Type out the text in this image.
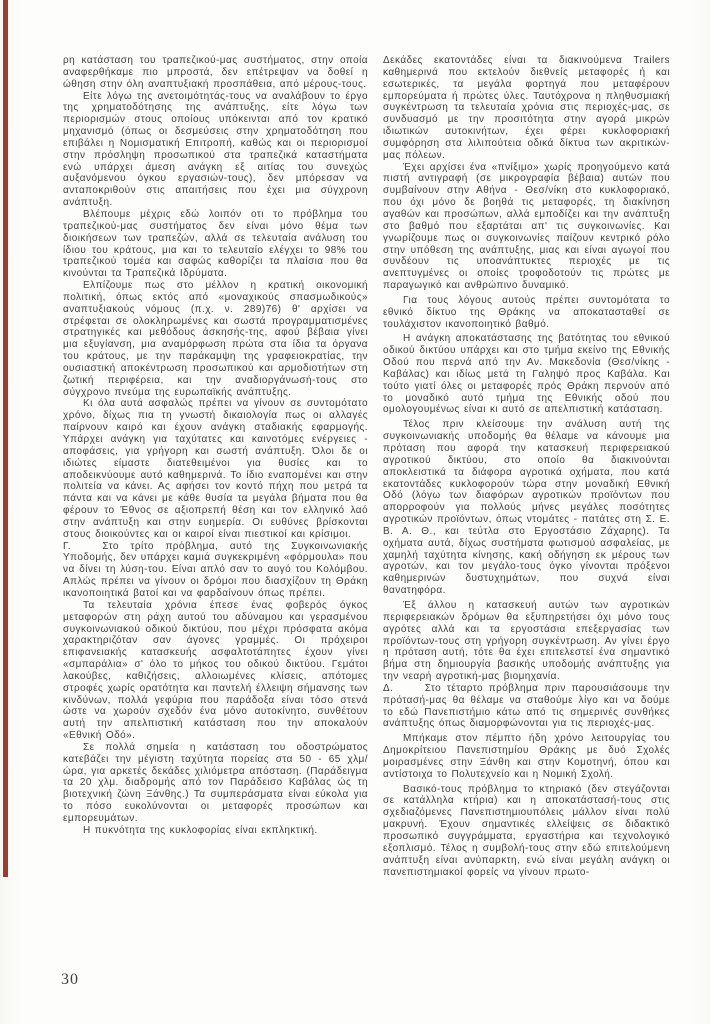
ρη κατάσταση του τραπεζικού-μας συστήματος, στην οποία αναφερθήκαμε πιο μπροστά, δεν επέτρεψαν να δοθεί η ώθηση στην όλη αναπτυξιακή προσπάθεια, από μέρους-τους.

Είτε λόγω της ανετοιμότητάς-τους να αναλάβουν το έργο της χρηματοδότησης της ανάπτυξης, είτε λόγω των περιορισμών στους οποίους υπόκεινται από τον κρατικό μηχανισμό (όπως οι δεσμεύσεις στην χρηματοδότηση που επιβάλει η Νομισματική Επιτροπή, καθώς και οι περιορισμοί στην πρόσληψη προσωπικού στα τραπεζικά καταστήματα ενώ υπάρχει άμεση ανάγκη εξ αιτίας του συνεχώς αυξανόμενου όγκου εργασιών-τους), δεν μπόρεσαν να ανταποκριθούν στις απαιτήσεις που έχει μια σύγχρονη ανάπτυξη.

Βλέπουμε μέχρις εδώ λοιπόν οτι το πρόβλημα του τραπεζικού-μας συστήματος δεν είναι μόνο θέμα των διοικήσεων των τραπεζών, αλλά σε τελευταία ανάλυση του ίδιου του κράτους, μια και το τελευταίο ελέγχει το 98% του τραπεζικού τομέα και σαφώς καθορίζει τα πλαίσια που θα κινούνται τα Τραπεζικά Ιδρύματα.

Ελπίζουμε πως στο μέλλον η κρατική οικονομική πολιτική, όπως εκτός από «μοναχικούς σπασμωδικούς» αναπτυξιακούς νόμους (π.χ. ν. 289)76) θ' αρχίσει να στρέφεται σε ολοκληρωμένες και σωστά προγραμματισμένες στρατηγικές και μεθόδους άσκησής-της, αφού βέβαια γίνει μια εξυγίανση, μια αναμόρφωση πρώτα στα ίδια τα όργανα του κράτους, με την παράκαμψη της γραφειοκρατίας, την ουσιαστική αποκέντρωση προσωπικού και αρμοδιοτήτων στη ζωτική περιφέρεια, και την αναδιοργάνωσή-τους στο σύγχρονο πνεύμα της ευρωπαϊκής ανάπτυξης.

Κι όλα αυτά ασφαλώς πρέπει να γίνουν σε συντομότατο χρόνο, δίχως πια τη γνωστή δικαιολογία πως οι αλλαγές παίρνουν καιρό και έχουν ανάγκη σταδιακής εφαρμογής. Υπάρχει ανάγκη για ταχύτατες και καινοτόμες ενέργειες - αποφάσεις, για γρήγορη και σωστή ανάπτυξη. Όλοι δε οι ιδιώτες είμαστε διατεθειμένοι για θυσίες και το αποδεικνύουμε αυτό καθημερινά. Το ίδιο εναπομένει και στην πολιτεία να κάνει. Ας αφήσει τον κοντό πήχη που μετρά τα πάντα και να κάνει με κάθε θυσία τα μεγάλα βήματα που θα φέρουν το Έθνος σε αξιοπρεπή θέση και τον ελληνικό λαό στην ανάπτυξη και στην ευημερία. Οι ευθύνες βρίσκονται στους διοικούντες και οι καιροί είναι πιεστικοί και κρίσιμοι.

Γ.   Στο τρίτο πρόβλημα, αυτό της Συγκοινωνιακής Υποδομής, δεν υπάρχει καμιά συγκεκριμένη «φόρμουλα» που να δίνει τη λύση-του. Είναι απλό σαν το αυγό του Κολόμβου. Απλώς πρέπει να γίνουν οι δρόμοι που διασχίζουν τη Θράκη ικανοποιητικά βατοί και να φαρδαίνουν όπως πρέπει.

Τα τελευταία χρόνια έπεσε ένας φοβερός όγκος μεταφορών στη ράχη αυτού του αδύναμου και γερασμένου συγκοινωνιακού οδικού δικτύου, που μέχρι πρόσφατα ακόμα χαρακτηριζόταν σαν άγονες γραμμές. Οι πρόχειροι επιφανειακής κατασκευής ασφαλτοτάπητες έχουν γίνει «σμπαράλια» σ' όλο το μήκος του οδικού δικτύου. Γεμάτοι λακούβες, καθιζήσεις, αλλοιωμένες κλίσεις, απότομες στροφές χωρίς ορατότητα και παντελή έλλειψη σήμανσης των κινδύνων, πολλά γεφύρια που παράδοξα είναι τόσο στενά ώστε να χωρούν σχεδόν ένα μόνο αυτοκίνητο, συνθέτουν αυτή την απελπιστική κατάσταση που την αποκαλούν «Εθνική Οδό».

Σε πολλά σημεία η κατάσταση του οδοστρώματος κατεβάζει την μέγιστη ταχύτητα πορείας στα 50 - 65 χλμ/ώρα, για αρκετές δεκάδες χιλιόμετρα απόσταση. (Παράδειγμα τα 20 χλμ. διαδρομής από τον Παράδεισο Καβάλας ώς τη βιοτεχνική ζώνη Ξάνθης.) Τα συμπεράσματα είναι εύκολα για το πόσο ευκολύνονται οι μεταφορές προσώπων και εμπορευμάτων.

Η πυκνότητα της κυκλοφορίας είναι εκπληκτική.

Δεκάδες εκατοντάδες είναι τα διακινούμενα Trailers καθημερινά που εκτελούν διεθνείς μεταφορές ή και εσωτερικές, τα μεγάλα φορτηγά που μεταφέρουν εμπορεύματα ή πρώτες ύλες. Ταυτόχρονα η πληθυσμιακή συγκέντρωση τα τελευταία χρόνια στις περιοχές-μας, σε συνδυασμό με την προσιτότητα στην αγορά μικρών ιδιωτικών αυτοκινήτων, έχει φέρει κυκλοφοριακή συμφόρηση στα λιλιπούτεια οδικά δίκτυα των ακριτικών-μας πόλεων.

Έχει αρχίσει ένα «πνίξιμο» χωρίς προηγούμενο κατά πιστή αντιγραφή (σε μικρογραφία βέβαια) αυτών που συμβαίνουν στην Αθήνα - Θεσ/νίκη στο κυκλοφοριακό, που όχι μόνο δε βοηθά τις μεταφορές, τη διακίνηση αγαθών και προσώπων, αλλά εμποδίζει και την ανάπτυξη στο βαθμό που εξαρτάται απ' τις συγκοινωνίες. Και γνωρίζουμε πως οι συγκοινωνίες παίζουν κεντρικό ρόλο στην υπόθεση της ανάπτυξης, μιας και είναι αγωγοί που συνδέουν τις υποανάπτυκτες περιοχές με τις ανεπτυγμένες οι οποίες τροφοδοτούν τις πρώτες με παραγωγικό και ανθρώπινο δυναμικό.

Για τους λόγους αυτούς πρέπει συντομότατα το εθνικό δίκτυο της Θράκης να αποκατασταθεί σε τουλάχιστον ικανοποιητικό βαθμό.

Η ανάγκη αποκατάστασης της βατότητας του εθνικού οδικού δικτύου υπάρχει και στο τμήμα εκείνο της Εθνικής Οδού που περνά από την Αν. Μακεδονία (Θεσ/νίκης - Καβάλας) και ιδίως μετά τη Γαληψό προς Καβάλα. Και τούτο γιατί όλες οι μεταφορές πρός Θράκη περνούν από το μοναδικό αυτό τμήμα της Εθνικής οδού που ομολογουμένως είναι κι αυτό σε απελπιστική κατάσταση.

Τέλος πριν κλείσουμε την ανάλυση αυτή της συγκοινωνιακής υποδομής θα θέλαμε να κάνουμε μια πρόταση που αφορά την κατασκευή περιφερειακού αγροτικού δικτύου, στο οποίο θα διακινούνται αποκλειστικά τα διάφορα αγροτικά οχήματα, που κατά εκατοντάδες κυκλοφορούν τώρα στην μοναδική Εθνική Οδό (λόγω των διαφόρων αγροτικών προϊόντων που απορροφούν για πολλούς μήνες μεγάλες ποσότητες αγροτικών προϊόντων, όπως ντομάτες - πατάτες στη Σ. Ε. Β. Α. Θ., και τεύτλα στο Εργοστάσιο Ζάχαρης). Τα οχήματα αυτά, δίχως συστήματα φωτισμού ασφαλείας, με χαμηλή ταχύτητα κίνησης, κακή οδήγηση εκ μέρους των αγροτών, και τον μεγάλο-τους όγκο γίνονται πρόξενοι καθημερινών δυστυχημάτων, που συχνά είναι θανατηφόρα.

Έξ άλλου η κατασκευή αυτών των αγροτικών περιφερειακών δρόμων θα εξυπηρετήσει όχι μόνο τους αγρότες αλλά και τα εργοστάσια επεξεργασίας των προϊόντων-τους στη γρήγορη συγκέντρωση. Αν γίνει έργο η πρόταση αυτή, τότε θα έχει επιτελεστεί ένα σημαντικό βήμα στη δημιουργία βασικής υποδομής ανάπτυξης για την νεαρή αγροτική-μας βιομηχανία.

Δ.   Στο τέταρτο πρόβλημα πριν παρουσιάσουμε την πρότασή-μας θα θέλαμε να σταθούμε λίγο και να δούμε το εδώ Πανεπιστήμιο κάτω από τις σημερινές συνθήκες ανάπτυξης όπως διαμορφώνονται για τις περιοχές-μας.

Μπήκαμε στον πέμπτο ήδη χρόνο λειτουργίας του Δημοκρίτειου Πανεπιστημίου Θράκης με δυό Σχολές μοιρασμένες στην Ξάνθη και στην Κομοτηνή, όπου και αντίστοιχα το Πολυτεχνείο και η Νομική Σχολή.

Βασικό-τους πρόβλημα το κτηριακό (δεν στεγάζονται σε κατάλληλα κτήρια) και η αποκατάστασή-τους στις σχεδιαζόμενες Πανεπιστημιουπόλεις μάλλον είναι πολύ μακρυνή. Έχουν σημαντικές ελλείψεις σε διδακτικό προσωπικό συγγράμματα, εργαστήρια και τεχνολογικό εξοπλισμό. Τέλος η συμβολή-τους στην εδώ επιτελούμενη ανάπτυξη είναι ανύπαρκτη, ενώ είναι μεγάλη ανάγκη οι πανεπιστημιακοί φορείς να γίνουν πρωτο-

30
